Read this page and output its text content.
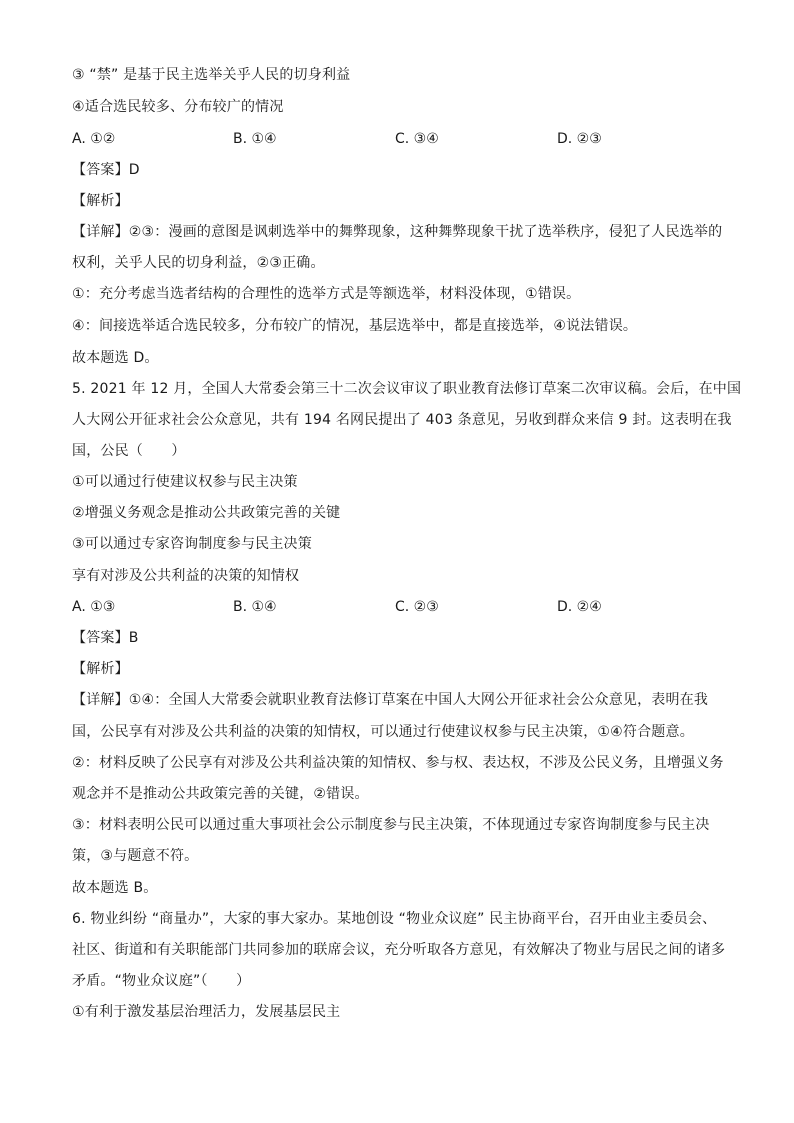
③ “禁” 是基于民主选举关乎人民的切身利益
④适合选民较多、分布较广的情况
A. ①②	B. ①④	C. ③④	D. ②③
【答案】D
【解析】
【详解】②③：漫画的意图是讽刺选举中的舞弊现象，这种舞弊现象干扰了选举秩序，侵犯了人民选举的
权利，关乎人民的切身利益，②③正确。
①：充分考虑当选者结构的合理性的选举方式是等额选举，材料没体现，①错误。
④：间接选举适合选民较多，分布较广的情况，基层选举中，都是直接选举，④说法错误。
故本题选 D。
5. 2021 年 12 月，全国人大常委会第三十二次会议审议了职业教育法修订草案二次审议稿。会后，在中国
人大网公开征求社会公众意见，共有 194 名网民提出了 403 条意见，另收到群众来信 9 封。这表明在我
国，公民（　　）
①可以通过行使建议权参与民主决策
②增强义务观念是推动公共政策完善的关键
③可以通过专家咨询制度参与民主决策
享有对涉及公共利益的决策的知情权
A. ①③	B. ①④	C. ②③	D. ②④
【答案】B
【解析】
【详解】①④：全国人大常委会就职业教育法修订草案在中国人大网公开征求社会公众意见，表明在我
国，公民享有对涉及公共利益的决策的知情权，可以通过行使建议权参与民主决策，①④符合题意。
②：材料反映了公民享有对涉及公共利益决策的知情权、参与权、表达权，不涉及公民义务，且增强义务
观念并不是推动公共政策完善的关键，②错误。
③：材料表明公民可以通过重大事项社会公示制度参与民主决策，不体现通过专家咨询制度参与民主决
策，③与题意不符。
故本题选 B。
6. 物业纠纷 “商量办”，大家的事大家办。某地创设 “物业众议庭” 民主协商平台，召开由业主委员会、
社区、街道和有关职能部门共同参加的联席会议，充分听取各方意见，有效解决了物业与居民之间的诸多
矛盾。“物业众议庭”（　　）
①有利于激发基层治理活力，发展基层民主
